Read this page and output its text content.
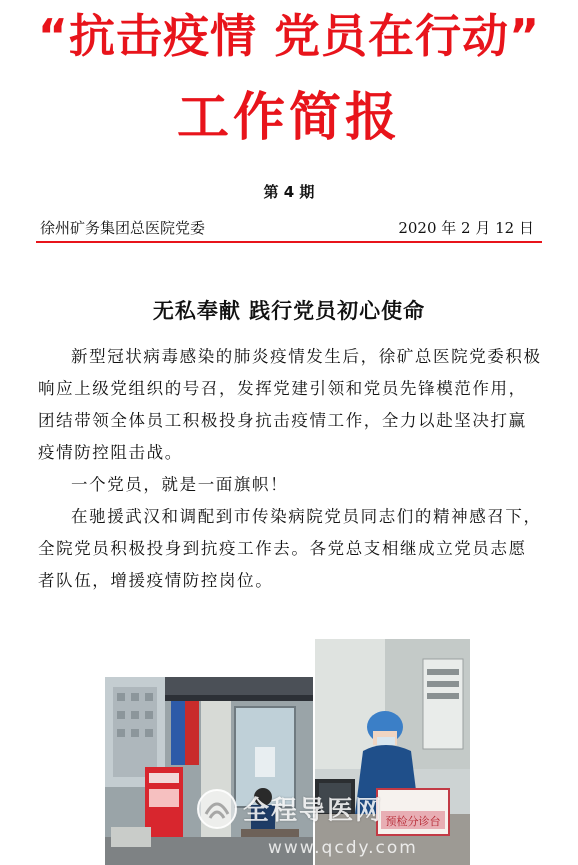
“抗击疫情 党员在行动”
工作简报
第 4 期
徐州矿务集团总医院党委	2020 年 2 月 12 日
无私奉献 践行党员初心使命

新型冠状病毒感染的肺炎疫情发生后，徐矿总医院党委积极响应上级党组织的号召，发挥党建引领和党员先锋模范作用，团结带领全体员工积极投身抗击疫情工作，全力以赴坚决打赢疫情防控阻击战。

一个党员，就是一面旗帜！

在驰援武汉和调配到市传染病院党员同志们的精神感召下，全院党员积极投身到抗疫工作去。各党总支相继成立党员志愿者队伍，增援疫情防控岗位。

预检分诊台
全程导医网
www.qcdy.com
